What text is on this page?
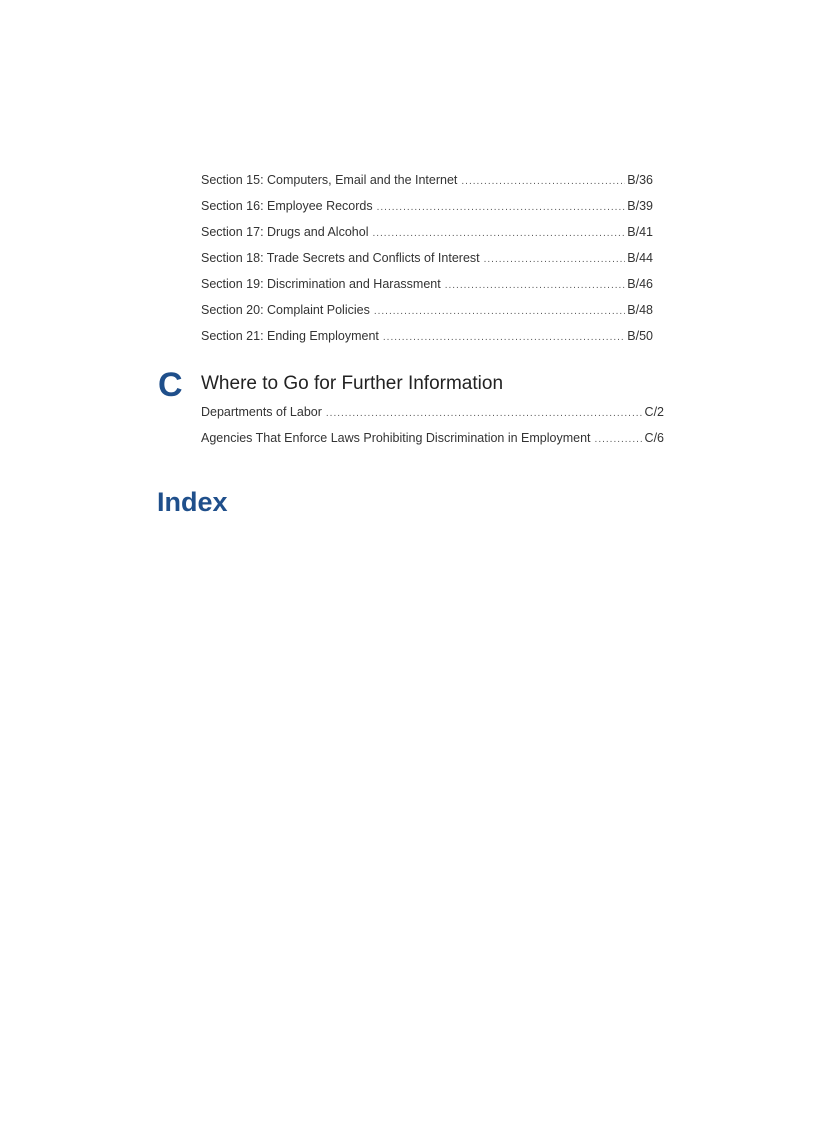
Section 15: Computers, Email and the Internet .....	B/36
Section 16: Employee Records .....	B/39
Section 17: Drugs and Alcohol .....	B/41
Section 18: Trade Secrets and Conflicts of Interest .....	B/44
Section 19: Discrimination and Harassment .....	B/46
Section 20: Complaint Policies .....	B/48
Section 21: Ending Employment .....	B/50
C Where to Go for Further Information
Departments of Labor .....	C/2
Agencies That Enforce Laws Prohibiting Discrimination in Employment .....	C/6
Index
